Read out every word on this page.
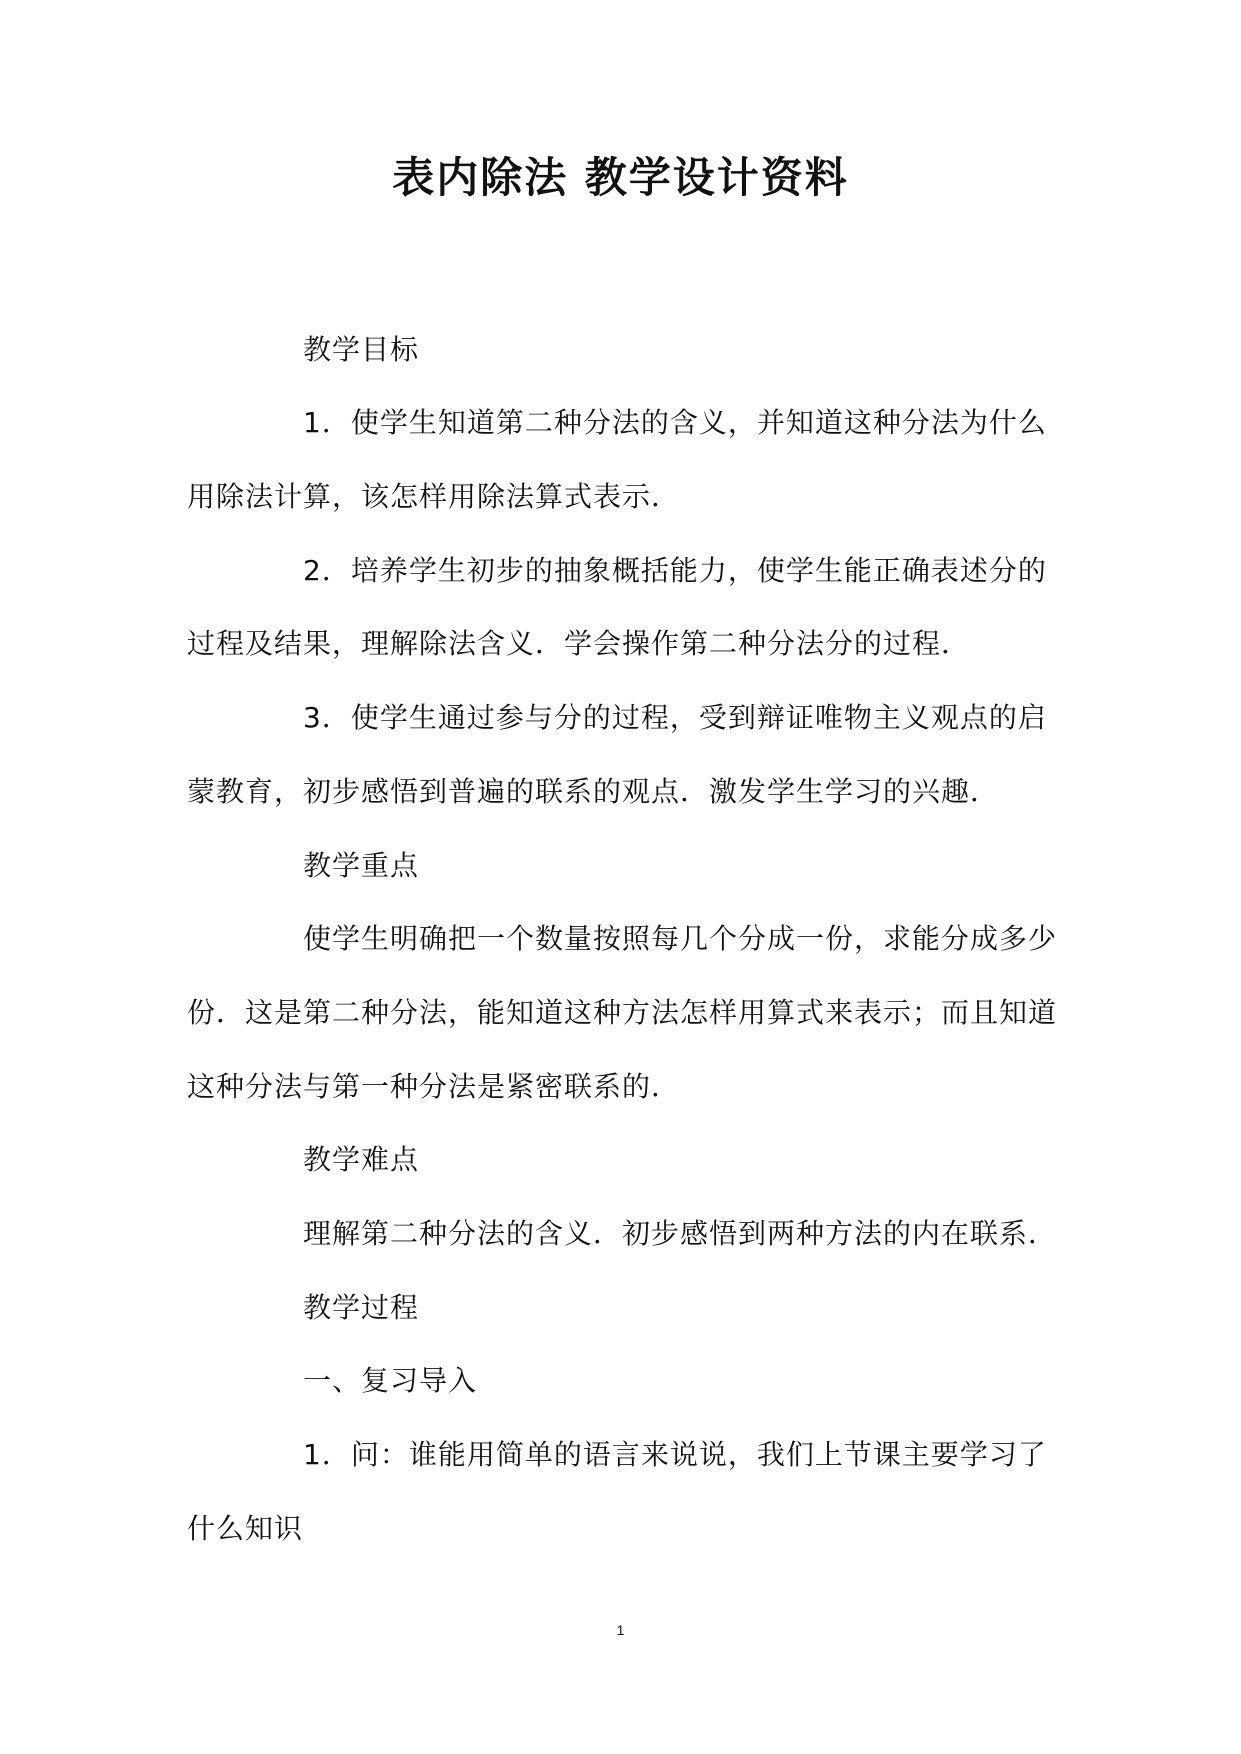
表内除法 教学设计资料
教学目标
1．使学生知道第二种分法的含义，并知道这种分法为什么
用除法计算，该怎样用除法算式表示．
2．培养学生初步的抽象概括能力，使学生能正确表述分的
过程及结果，理解除法含义．学会操作第二种分法分的过程．
3．使学生通过参与分的过程，受到辩证唯物主义观点的启
蒙教育，初步感悟到普遍的联系的观点．激发学生学习的兴趣．
教学重点
使学生明确把一个数量按照每几个分成一份，求能分成多少
份．这是第二种分法，能知道这种方法怎样用算式来表示；而且知道
这种分法与第一种分法是紧密联系的．
教学难点
理解第二种分法的含义．初步感悟到两种方法的内在联系．
教学过程
一、复习导入
1．问：谁能用简单的语言来说说，我们上节课主要学习了
什么知识
1
